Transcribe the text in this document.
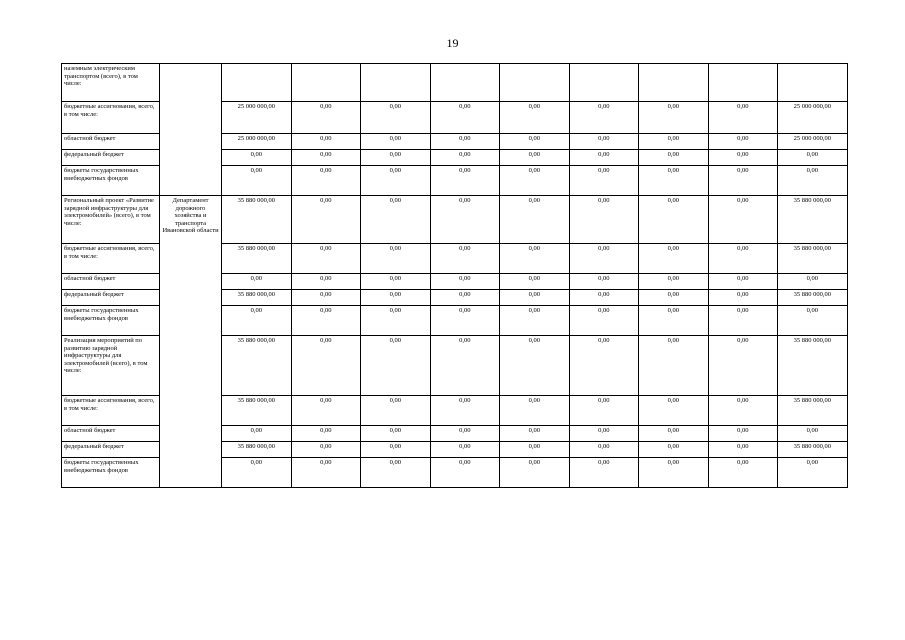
19
наземным электрическим транспортом (всего), в том числе:										
бюджетные ассигнования, всего, в том числе:		25 000 000,00	0,00	0,00	0,00	0,00	0,00	0,00	0,00	25 000 000,00
областной бюджет		25 000 000,00	0,00	0,00	0,00	0,00	0,00	0,00	0,00	25 000 000,00
федеральный бюджет		0,00	0,00	0,00	0,00	0,00	0,00	0,00	0,00	0,00
бюджеты государственных внебюджетных фондов		0,00	0,00	0,00	0,00	0,00	0,00	0,00	0,00	0,00
Региональный проект «Развитие зарядной инфраструктуры для электромобилей» (всего), в том числе:	Департамент дорожного хозяйства и транспорта Ивановской области	35 880 000,00	0,00	0,00	0,00	0,00	0,00	0,00	0,00	35 880 000,00
бюджетные ассигнования, всего, в том числе:		35 880 000,00	0,00	0,00	0,00	0,00	0,00	0,00	0,00	35 880 000,00
областной бюджет		0,00	0,00	0,00	0,00	0,00	0,00	0,00	0,00	0,00
федеральный бюджет		35 880 000,00	0,00	0,00	0,00	0,00	0,00	0,00	0,00	35 880 000,00
бюджеты государственных внебюджетных фондов		0,00	0,00	0,00	0,00	0,00	0,00	0,00	0,00	0,00
Реализация мероприятий по развитию зарядной инфраструктуры для электромобилей (всего), в том числе:		35 880 000,00	0,00	0,00	0,00	0,00	0,00	0,00	0,00	35 880 000,00
бюджетные ассигнования, всего, в том числе:		35 880 000,00	0,00	0,00	0,00	0,00	0,00	0,00	0,00	35 880 000,00
областной бюджет		0,00	0,00	0,00	0,00	0,00	0,00	0,00	0,00	0,00
федеральный бюджет		35 880 000,00	0,00	0,00	0,00	0,00	0,00	0,00	0,00	35 880 000,00
бюджеты государственных внебюджетных фондов		0,00	0,00	0,00	0,00	0,00	0,00	0,00	0,00	0,00
